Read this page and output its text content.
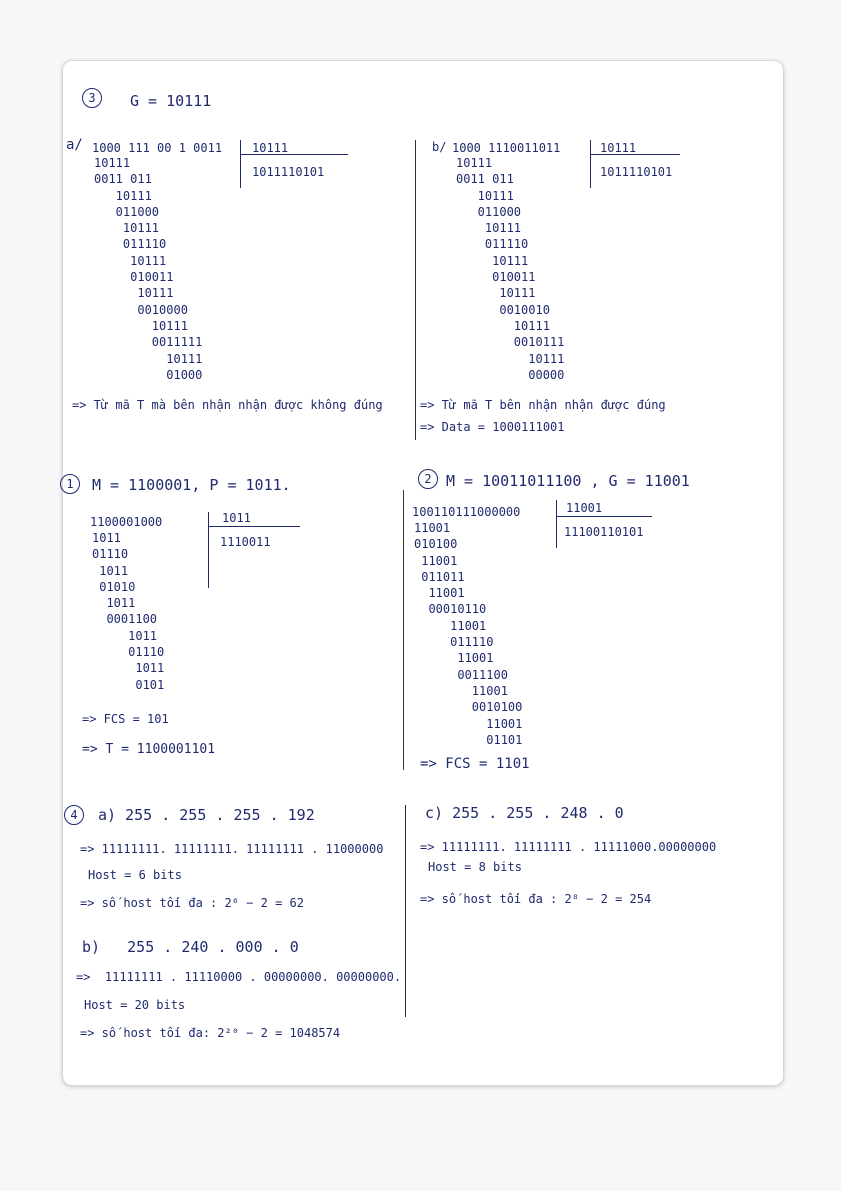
3	G = 10111
a/ 1000 111 00 1 0011
10111
0011 011
10111
011000
10111
011110
10111
010011
10111
0010000
10111
0011111
10111
01000
10111
1011110101
=> Từ mã T mà bên nhận nhận được không đúng
b/ 1000 1110011011
10111
0011 011
10111
011000
10111
011110
10111
010011
10111
0010010
10111
0010111
10111
00000
10111
1011110101
=> Từ mã T bên nhận nhận được đúng
=> Data = 1000111001
1	M = 1100001, P = 1011.
1100001000
1011
01110
1011
01010
1011
0001100
1011
01110
1011
0101
1011
1110011
=> FCS = 101
=> T = 1100001101
2 M = 10011011100 , G = 11001
100110111000000
11001
010100
11001
011011
11001
00010110
11001
011110
11001
0011100
11001
0010100
11001
01101
11001
11100110101
=> FCS = 1101
4	a) 255 . 255 . 255 . 192
=> 11111111. 11111111. 11111111 . 11000000
Host = 6 bits
=> số host tối đa : 2⁶ − 2 = 62
b)   255 . 240 . 000 . 0
=>  11111111 . 11110000 . 00000000. 00000000.
Host = 20 bits
=> số host tối đa: 2²⁰ − 2 = 1048574
c) 255 . 255 . 248 . 0
=> 11111111. 11111111 . 11111000.00000000
Host = 8 bits
=> số host tối đa : 2⁸ − 2 = 254
